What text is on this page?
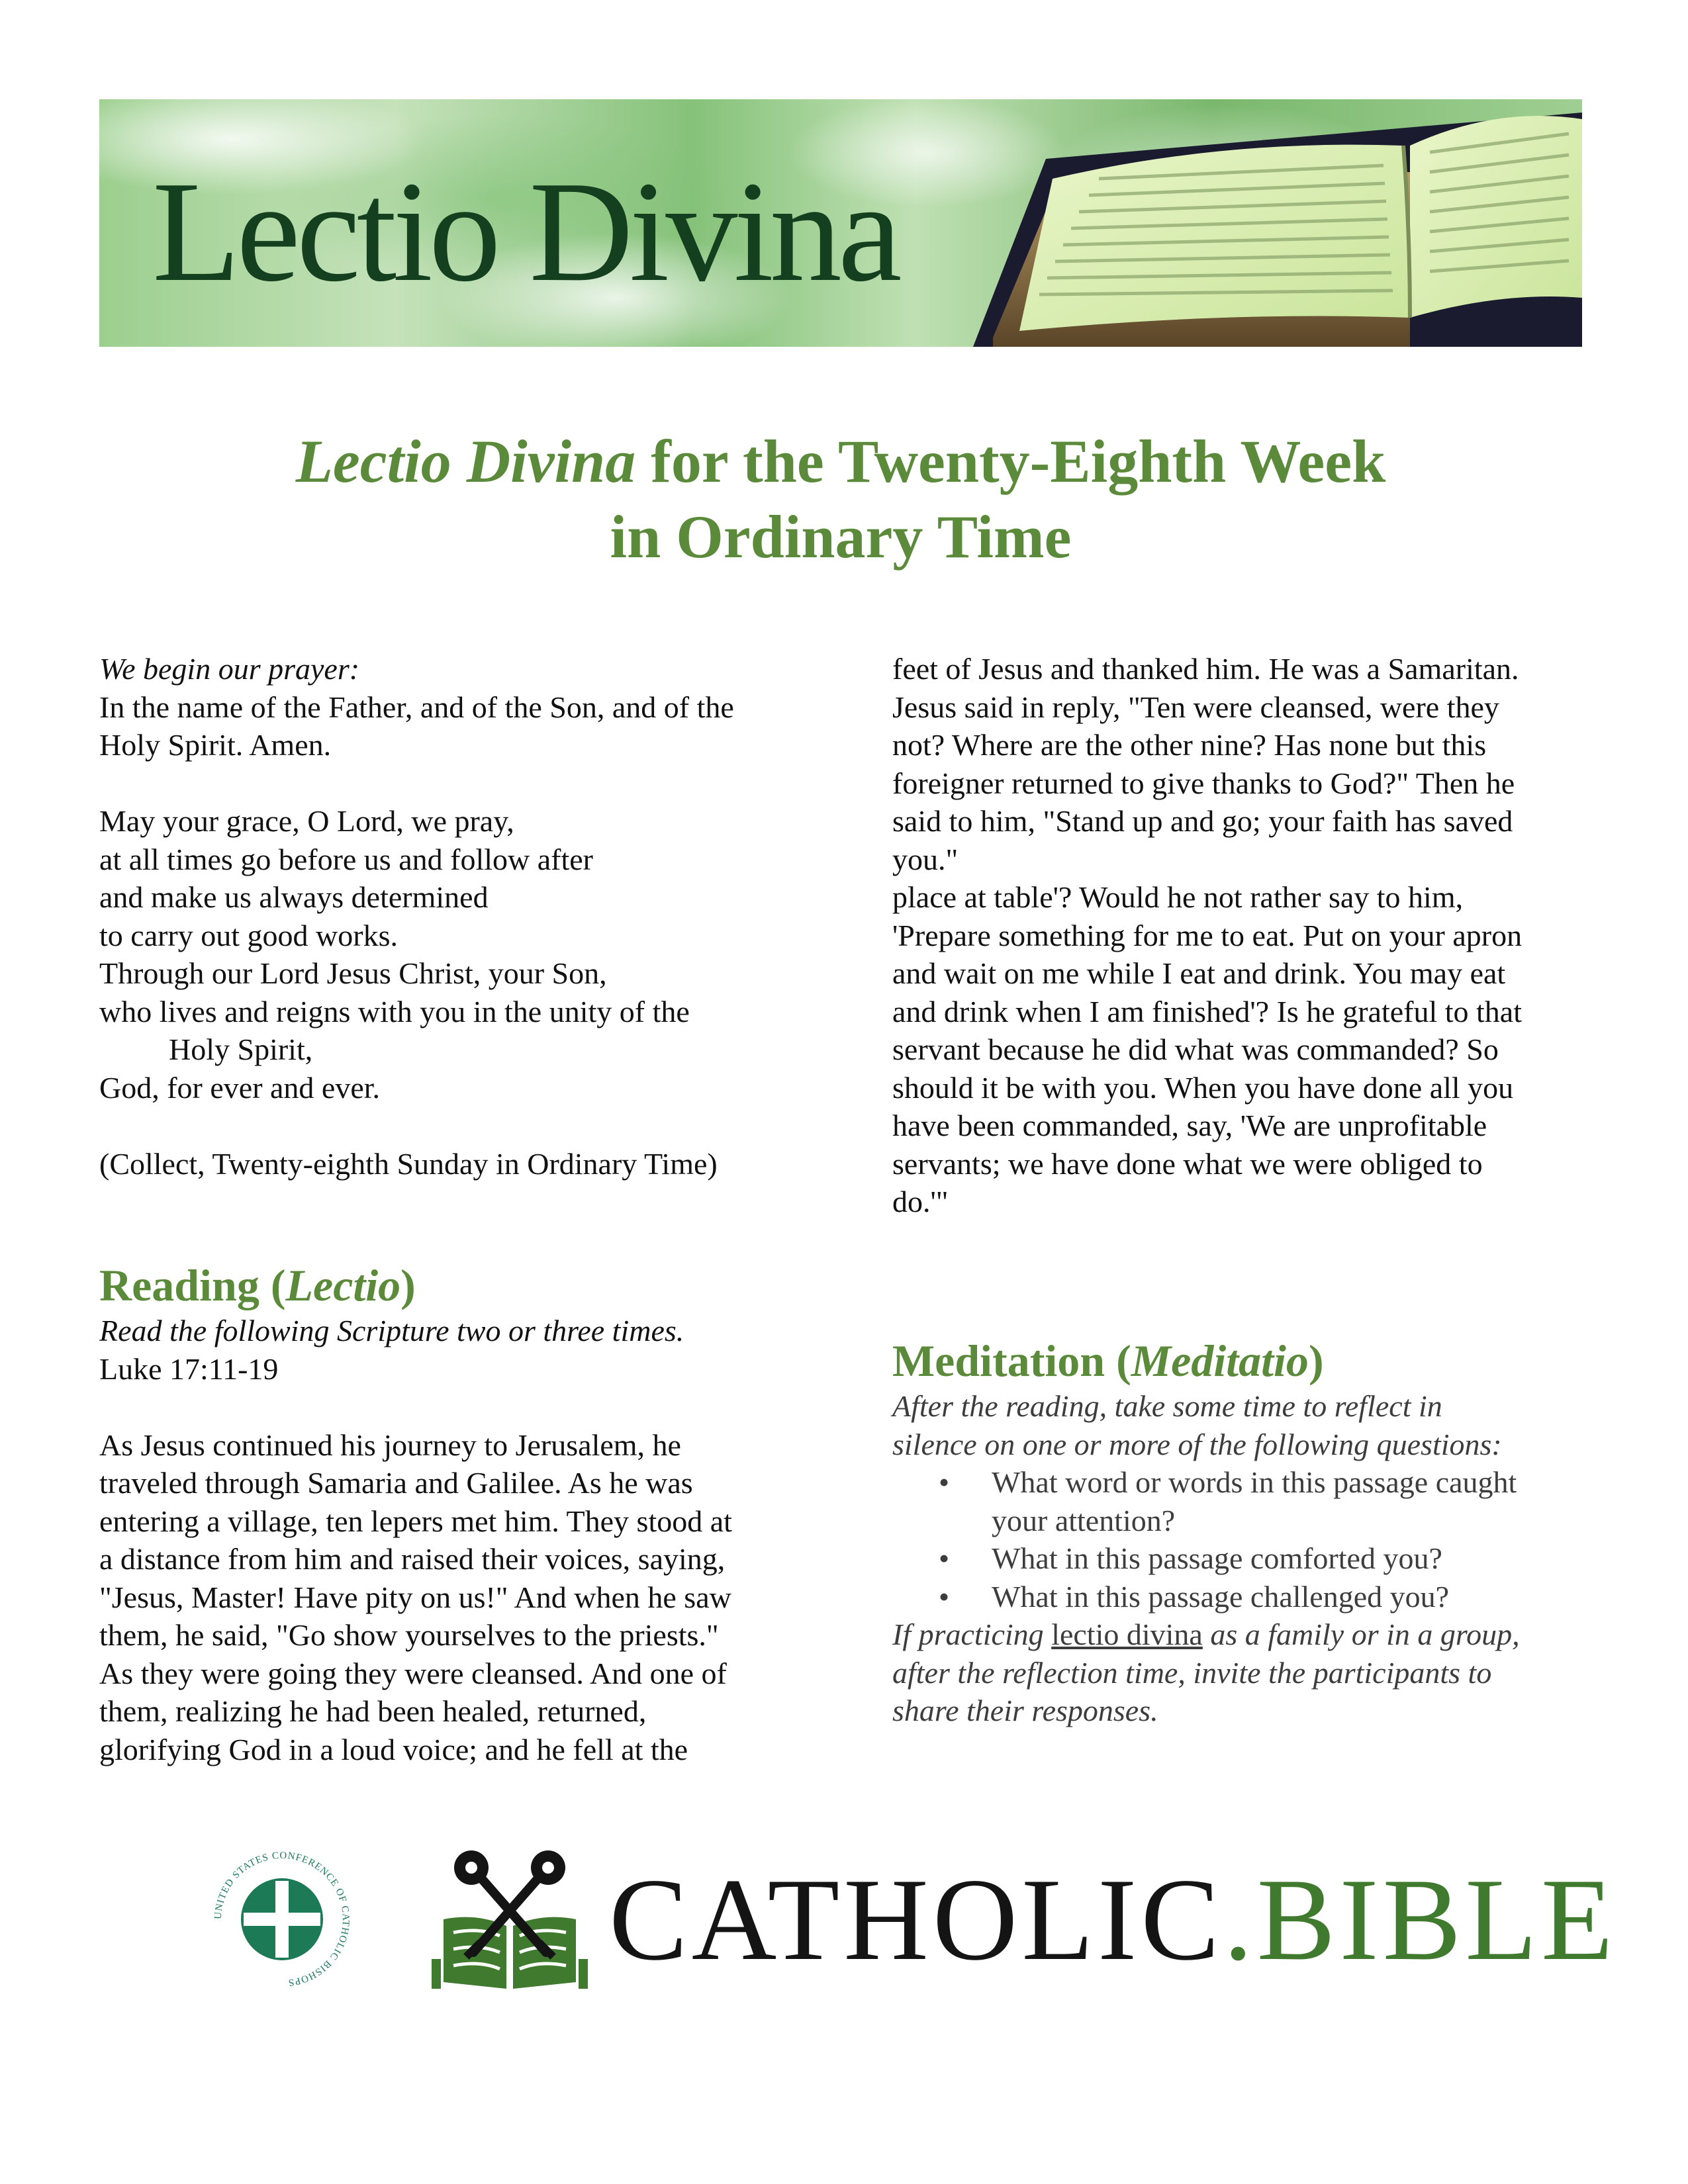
Lectio Divina
Lectio Divina for the Twenty-Eighth Week
in Ordinary Time
We begin our prayer:
In the name of the Father, and of the Son, and of the
Holy Spirit. Amen.
May your grace, O Lord, we pray,
at all times go before us and follow after
and make us always determined
to carry out good works.
Through our Lord Jesus Christ, your Son,
who lives and reigns with you in the unity of the
Holy Spirit,
God, for ever and ever.
(Collect, Twenty-eighth Sunday in Ordinary Time)
Reading (Lectio)
Read the following Scripture two or three times.
Luke 17:11-19
As Jesus continued his journey to Jerusalem, he
traveled through Samaria and Galilee. As he was
entering a village, ten lepers met him. They stood at
a distance from him and raised their voices, saying,
"Jesus, Master! Have pity on us!" And when he saw
them, he said, "Go show yourselves to the priests."
As they were going they were cleansed. And one of
them, realizing he had been healed, returned,
glorifying God in a loud voice; and he fell at the
feet of Jesus and thanked him. He was a Samaritan.
Jesus said in reply, "Ten were cleansed, were they
not? Where are the other nine? Has none but this
foreigner returned to give thanks to God?" Then he
said to him, "Stand up and go; your faith has saved
you."
place at table'? Would he not rather say to him,
'Prepare something for me to eat. Put on your apron
and wait on me while I eat and drink. You may eat
and drink when I am finished'? Is he grateful to that
servant because he did what was commanded? So
should it be with you. When you have done all you
have been commanded, say, 'We are unprofitable
servants; we have done what we were obliged to
do.'"
Meditation (Meditatio)
After the reading, take some time to reflect in
silence on one or more of the following questions:
• What word or words in this passage caught
your attention?
• What in this passage comforted you?
• What in this passage challenged you?
If practicing lectio divina as a family or in a group,
after the reflection time, invite the participants to
share their responses.
UNITED STATES CONFERENCE OF CATHOLIC BISHOPS	CATHOLIC.BIBLE
